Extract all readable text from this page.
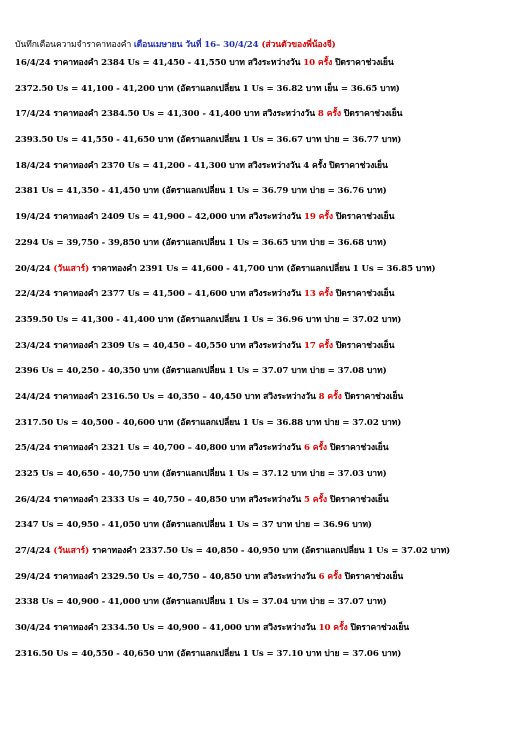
บันทึกเตือนความจำราคาทองคำ เดือนเมษายน วันที่ 16– 30/4/24 (ส่วนตัวของพี่น้องจี)

16/4/24 ราคาทองคำ 2384 Us = 41,450 - 41,550 บาท สวิงระหว่างวัน 10 ครั้ง ปิดราคาช่วงเย็น

2372.50 Us = 41,100 - 41,200 บาท (อัตราแลกเปลี่ยน 1 Us = 36.82 บาท เย็น = 36.65 บาท)

17/4/24 ราคาทองคำ 2384.50 Us = 41,300 - 41,400 บาท สวิงระหว่างวัน 8 ครั้ง ปิดราคาช่วงเย็น

2393.50 Us = 41,550 - 41,650 บาท (อัตราแลกเปลี่ยน 1 Us = 36.67 บาท บ่าย = 36.77 บาท)

18/4/24 ราคาทองคำ 2370 Us = 41,200 - 41,300 บาท สวิงระหว่างวัน 4 ครั้ง ปิดราคาช่วงเย็น

2381 Us = 41,350 - 41,450 บาท (อัตราแลกเปลี่ยน 1 Us = 36.79 บาท บ่าย = 36.76 บาท)

19/4/24 ราคาทองคำ 2409 Us = 41,900 – 42,000 บาท สวิงระหว่างวัน 19 ครั้ง ปิดราคาช่วงเย็น

2294 Us = 39,750 - 39,850 บาท (อัตราแลกเปลี่ยน 1 Us = 36.65 บาท บ่าย = 36.68 บาท)

20/4/24 (วันเสาร์) ราคาทองคำ 2391 Us = 41,600 - 41,700 บาท (อัตราแลกเปลี่ยน 1 Us = 36.85 บาท)

22/4/24 ราคาทองคำ 2377 Us = 41,500 – 41,600 บาท สวิงระหว่างวัน 13 ครั้ง ปิดราคาช่วงเย็น

2359.50 Us = 41,300 - 41,400 บาท (อัตราแลกเปลี่ยน 1 Us = 36.96 บาท บ่าย = 37.02 บาท)

23/4/24 ราคาทองคำ 2309 Us = 40,450 – 40,550 บาท สวิงระหว่างวัน 17 ครั้ง ปิดราคาช่วงเย็น

2396 Us = 40,250 - 40,350 บาท (อัตราแลกเปลี่ยน 1 Us = 37.07 บาท บ่าย = 37.08 บาท)

24/4/24 ราคาทองคำ 2316.50 Us = 40,350 – 40,450 บาท สวิงระหว่างวัน 8 ครั้ง ปิดราคาช่วงเย็น

2317.50 Us = 40,500 - 40,600 บาท (อัตราแลกเปลี่ยน 1 Us = 36.88 บาท บ่าย = 37.02 บาท)

25/4/24 ราคาทองคำ 2321 Us = 40,700 – 40,800 บาท สวิงระหว่างวัน 6 ครั้ง ปิดราคาช่วงเย็น

2325 Us = 40,650 - 40,750 บาท (อัตราแลกเปลี่ยน 1 Us = 37.12 บาท บ่าย = 37.03 บาท)

26/4/24 ราคาทองคำ 2333 Us = 40,750 – 40,850 บาท สวิงระหว่างวัน 5 ครั้ง ปิดราคาช่วงเย็น

2347 Us = 40,950 - 41,050 บาท (อัตราแลกเปลี่ยน 1 Us = 37 บาท บ่าย = 36.96 บาท)

27/4/24 (วันเสาร์) ราคาทองคำ 2337.50 Us = 40,850 - 40,950 บาท (อัตราแลกเปลี่ยน 1 Us = 37.02 บาท)

29/4/24 ราคาทองคำ 2329.50 Us = 40,750 – 40,850 บาท สวิงระหว่างวัน 6 ครั้ง ปิดราคาช่วงเย็น

2338 Us = 40,900 - 41,000 บาท (อัตราแลกเปลี่ยน 1 Us = 37.04 บาท บ่าย = 37.07 บาท)

30/4/24 ราคาทองคำ 2334.50 Us = 40,900 – 41,000 บาท สวิงระหว่างวัน 10 ครั้ง ปิดราคาช่วงเย็น

2316.50 Us = 40,550 - 40,650 บาท (อัตราแลกเปลี่ยน 1 Us = 37.10 บาท บ่าย = 37.06 บาท)
